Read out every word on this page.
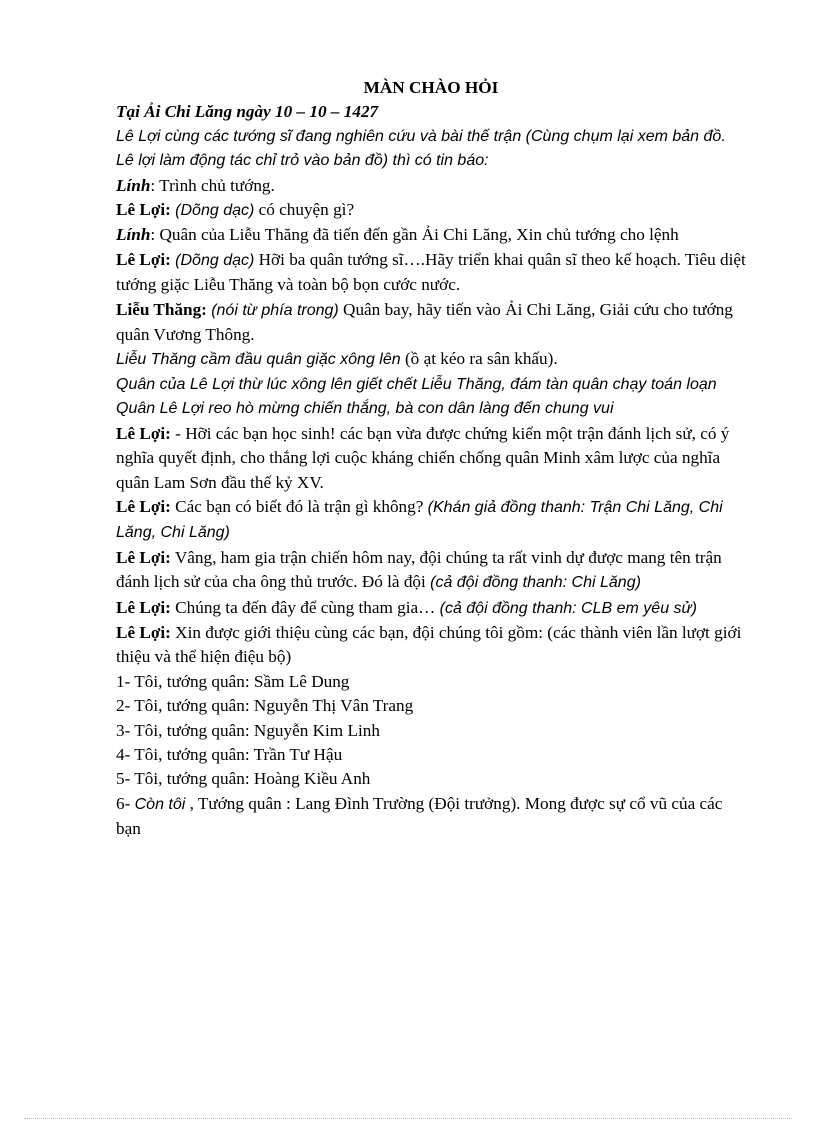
MÀN CHÀO HỎI
Tại Ải Chi Lăng ngày 10 – 10 – 1427
Lê Lợi cùng các tướng sĩ đang nghiên cứu và bài thế trận (Cùng chụm lại xem bản đồ. Lê lợi làm động tác chỉ trỏ vào bản đồ) thì có tin báo:
Lính: Trình chủ tướng.
Lê Lợi: (Dõng dạc) có chuyện gì?
Lính: Quân của Liễu Thăng đã tiến đến gần Ải Chi Lăng, Xin chủ tướng cho lệnh
Lê Lợi: (Dõng dạc) Hỡi ba quân tướng sĩ….Hãy triển khai quân sĩ theo kế hoạch. Tiêu diệt tướng giặc Liễu Thăng và toàn bộ bọn cước nước.
Liễu Thăng: (nói từ phía trong) Quân bay, hãy tiến vào Ải Chi Lăng, Giải cứu cho tướng quân Vương Thông.
Liễu Thăng cầm đầu quân giặc xông lên (ồ ạt kéo ra sân khấu).
Quân của Lê Lợi thừ lúc xông lên giết chết Liễu Thăng, đám tàn quân chạy toán loạn
Quân Lê Lợi reo hò mừng chiến thắng, bà con dân làng đến chung vui
Lê Lợi: - Hỡi các bạn học sinh! các bạn vừa được chứng kiến một trận đánh lịch sử, có ý nghĩa quyết định, cho thắng lợi cuộc kháng chiến chống quân Minh xâm lược của nghĩa quân Lam Sơn đầu thế kỷ XV.
Lê Lợi: Các bạn có biết đó là trận gì không? (Khán giả đồng thanh: Trận Chi Lăng, Chi Lăng, Chi Lăng)
Lê Lợi: Vâng, ham gia trận chiến hôm nay, đội chúng ta rất vinh dự được mang tên trận đánh lịch sử của cha ông thủ trước. Đó là đội (cả đội đồng thanh: Chi Lăng)
Lê Lợi: Chúng ta đến đây để cùng tham gia… (cả đội đồng thanh: CLB em yêu sử)
Lê Lợi: Xin được giới thiệu cùng các bạn, đội chúng tôi gồm: (các thành viên lần lượt giới thiệu và thể hiện điệu bộ)
1- Tôi, tướng quân: Sầm Lê Dung
2- Tôi, tướng quân: Nguyễn Thị Vân Trang
3- Tôi, tướng quân: Nguyễn Kim Linh
4- Tôi, tướng quân: Trần Tư Hậu
5- Tôi, tướng quân: Hoàng Kiều Anh
6- Còn tôi , Tướng quân : Lang Đình Trường (Đội trưởng). Mong được sự cổ vũ của các bạn
